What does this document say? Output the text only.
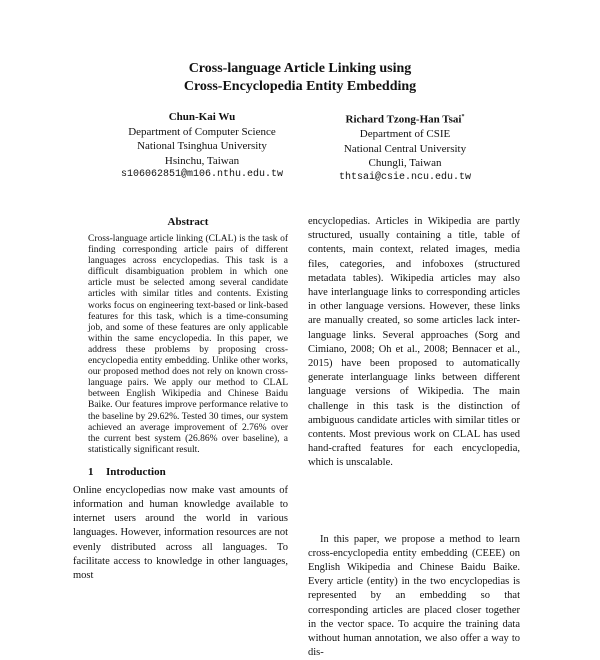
Cross-language Article Linking using
Cross-Encyclopedia Entity Embedding
Chun-Kai Wu
Department of Computer Science
National Tsinghua University
Hsinchu, Taiwan
s106062851@m106.nthu.edu.tw
Richard Tzong-Han Tsai*
Department of CSIE
National Central University
Chungli, Taiwan
thtsai@csie.ncu.edu.tw
Abstract
Cross-language article linking (CLAL) is the task of finding corresponding article pairs of different languages across encyclopedias. This task is a difficult disambiguation problem in which one article must be selected among several candidate articles with similar titles and contents. Existing works focus on engineering text-based or link-based features for this task, which is a time-consuming job, and some of these features are only applicable within the same encyclopedia. In this paper, we address these problems by proposing cross-encyclopedia entity embedding. Unlike other works, our proposed method does not rely on known cross-language pairs. We apply our method to CLAL between English Wikipedia and Chinese Baidu Baike. Our features improve performance relative to the baseline by 29.62%. Tested 30 times, our system achieved an average improvement of 2.76% over the current best system (26.86% over baseline), a statistically significant result.
1 Introduction
Online encyclopedias now make vast amounts of information and human knowledge available to internet users around the world in various languages. However, information resources are not evenly distributed across all languages. To facilitate access to knowledge in other languages, most
encyclopedias. Articles in Wikipedia are partly structured, usually containing a title, table of contents, main context, related images, media files, categories, and infoboxes (structured metadata tables). Wikipedia articles may also have interlanguage links to corresponding articles in other language versions. However, these links are manually created, so some articles lack inter-language links. Several approaches (Sorg and Cimiano, 2008; Oh et al., 2008; Bennacer et al., 2015) have been proposed to automatically generate interlanguage links between different language versions of Wikipedia. The main challenge in this task is the distinction of ambiguous candidate articles with similar titles or contents. Most previous work on CLAL has used hand-crafted features for each encyclopedia, which is unscalable.
In this paper, we propose a method to learn cross-encyclopedia entity embedding (CEEE) on English Wikipedia and Chinese Baidu Baike. Every article (entity) in the two encyclopedias is represented by an embedding so that corresponding articles are placed closer together in the vector space. To acquire the training data without human annotation, we also offer a way to dis-
